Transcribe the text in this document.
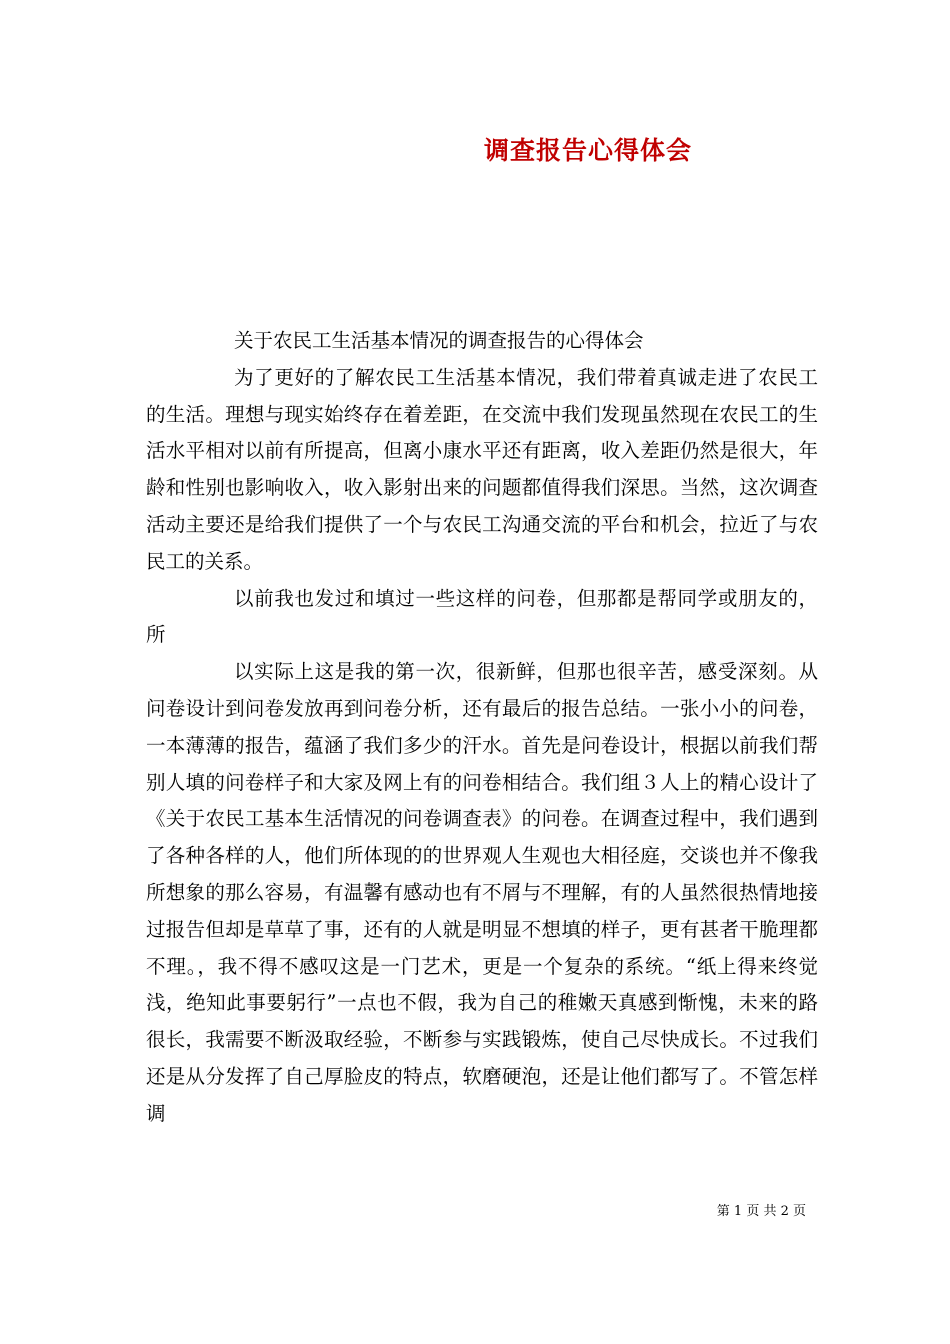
调查报告心得体会

关于农民工生活基本情况的调查报告的心得体会

为了更好的了解农民工生活基本情况，我们带着真诚走进了农民工的生活。理想与现实始终存在着差距，在交流中我们发现虽然现在农民工的生活水平相对以前有所提高，但离小康水平还有距离，收入差距仍然是很大，年龄和性别也影响收入，收入影射出来的问题都值得我们深思。当然，这次调查活动主要还是给我们提供了一个与农民工沟通交流的平台和机会，拉近了与农民工的关系。

以前我也发过和填过一些这样的问卷，但那都是帮同学或朋友的，所

以实际上这是我的第一次，很新鲜，但那也很辛苦，感受深刻。从问卷设计到问卷发放再到问卷分析，还有最后的报告总结。一张小小的问卷，一本薄薄的报告，蕴涵了我们多少的汗水。首先是问卷设计，根据以前我们帮别人填的问卷样子和大家及网上有的问卷相结合。我们组３人上的精心设计了《关于农民工基本生活情况的问卷调查表》的问卷。在调查过程中，我们遇到了各种各样的人，他们所体现的的世界观人生观也大相径庭，交谈也并不像我所想象的那么容易，有温馨有感动也有不屑与不理解，有的人虽然很热情地接过报告但却是草草了事，还有的人就是明显不想填的样子，更有甚者干脆理都不理。，我不得不感叹这是一门艺术，更是一个复杂的系统。“纸上得来终觉浅，绝知此事要躬行”一点也不假，我为自己的稚嫩天真感到惭愧，未来的路很长，我需要不断汲取经验，不断参与实践锻炼，使自己尽快成长。不过我们还是从分发挥了自己厚脸皮的特点，软磨硬泡，还是让他们都写了。不管怎样调

第 1 页 共 2 页
